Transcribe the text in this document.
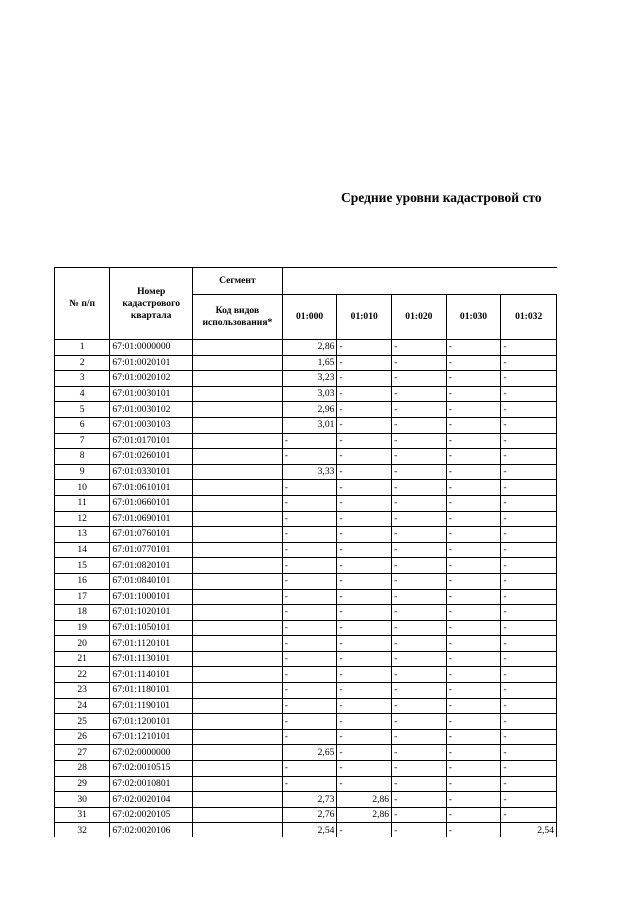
Средние уровни кадастровой сто
№ п/п	Номер кадастрового квартала	Сегмент					
		Код видов использования*	01:000	01:010	01:020	01:030	01:032
1	67:01:0000000		2,86	-	-	-	-
2	67:01:0020101		1,65	-	-	-	-
3	67:01:0020102		3,23	-	-	-	-
4	67:01:0030101		3,03	-	-	-	-
5	67:01:0030102		2,96	-	-	-	-
6	67:01:0030103		3,01	-	-	-	-
7	67:01:0170101		-	-	-	-	-
8	67:01:0260101		-	-	-	-	-
9	67:01:0330101		3,33	-	-	-	-
10	67:01:0610101		-	-	-	-	-
11	67:01:0660101		-	-	-	-	-
12	67:01:0690101		-	-	-	-	-
13	67:01:0760101		-	-	-	-	-
14	67:01:0770101		-	-	-	-	-
15	67:01:0820101		-	-	-	-	-
16	67:01:0840101		-	-	-	-	-
17	67:01:1000101		-	-	-	-	-
18	67:01:1020101		-	-	-	-	-
19	67:01:1050101		-	-	-	-	-
20	67:01:1120101		-	-	-	-	-
21	67:01:1130101		-	-	-	-	-
22	67:01:1140101		-	-	-	-	-
23	67:01:1180101		-	-	-	-	-
24	67:01:1190101		-	-	-	-	-
25	67:01:1200101		-	-	-	-	-
26	67:01:1210101		-	-	-	-	-
27	67:02:0000000		2,65	-	-	-	-
28	67:02:0010515		-	-	-	-	-
29	67:02:0010801		-	-	-	-	-
30	67:02:0020104		2,73	2,86	-	-	-
31	67:02:0020105		2,76	2,86	-	-	-
32	67:02:0020106		2,54	-	-	-	2,54
